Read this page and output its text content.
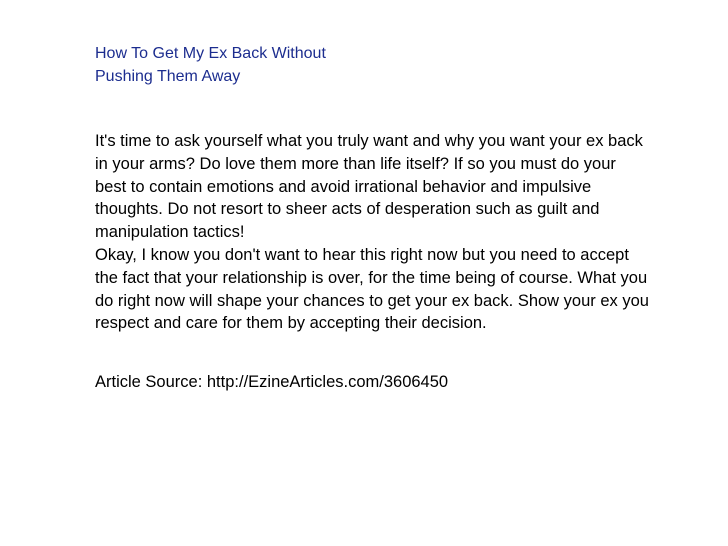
How To Get My Ex Back Without
Pushing Them Away
It's time to ask yourself what you truly want and why you want your ex back
in your arms? Do love them more than life itself? If so you must do your
best to contain emotions and avoid irrational behavior and impulsive
thoughts. Do not resort to sheer acts of desperation such as guilt and
manipulation tactics!
Okay, I know you don't want to hear this right now but you need to accept
the fact that your relationship is over, for the time being of course. What you
do right now will shape your chances to get your ex back. Show your ex you
respect and care for them by accepting their decision.
Article Source: http://EzineArticles.com/3606450
